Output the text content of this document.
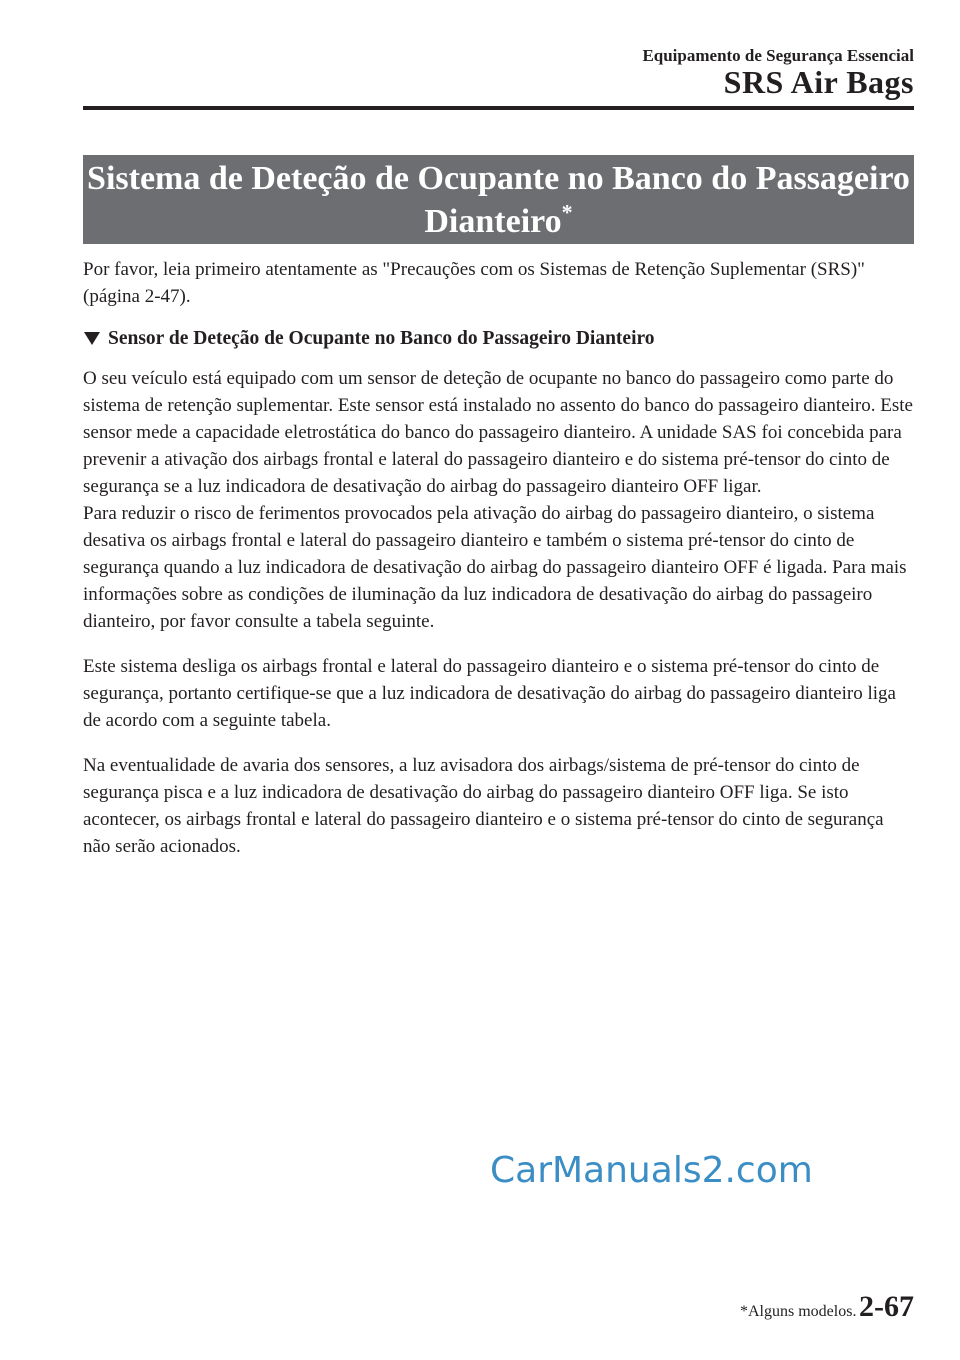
Equipamento de Segurança Essencial
SRS Air Bags
Sistema de Deteção de Ocupante no Banco do Passageiro
Dianteiro*

Por favor, leia primeiro atentamente as "Precauções com os Sistemas de Retenção Suplementar (SRS)" (página 2-47).

Sensor de Deteção de Ocupante no Banco do Passageiro Dianteiro

O seu veículo está equipado com um sensor de deteção de ocupante no banco do passageiro como parte do sistema de retenção suplementar. Este sensor está instalado no assento do banco do passageiro dianteiro. Este sensor mede a capacidade eletrostática do banco do passageiro dianteiro. A unidade SAS foi concebida para prevenir a ativação dos airbags frontal e lateral do passageiro dianteiro e do sistema pré-tensor do cinto de segurança se a luz indicadora de desativação do airbag do passageiro dianteiro OFF ligar.

Para reduzir o risco de ferimentos provocados pela ativação do airbag do passageiro dianteiro, o sistema desativa os airbags frontal e lateral do passageiro dianteiro e também o sistema pré-tensor do cinto de segurança quando a luz indicadora de desativação do airbag do passageiro dianteiro OFF é ligada. Para mais informações sobre as condições de iluminação da luz indicadora de desativação do airbag do passageiro dianteiro, por favor consulte a tabela seguinte.

Este sistema desliga os airbags frontal e lateral do passageiro dianteiro e o sistema pré-tensor do cinto de segurança, portanto certifique-se que a luz indicadora de desativação do airbag do passageiro dianteiro liga de acordo com a seguinte tabela.

Na eventualidade de avaria dos sensores, a luz avisadora dos airbags/sistema de pré-tensor do cinto de segurança pisca e a luz indicadora de desativação do airbag do passageiro dianteiro OFF liga. Se isto acontecer, os airbags frontal e lateral do passageiro dianteiro e o sistema pré-tensor do cinto de segurança não serão acionados.

CarManuals2.com
*Alguns modelos. 2-67
